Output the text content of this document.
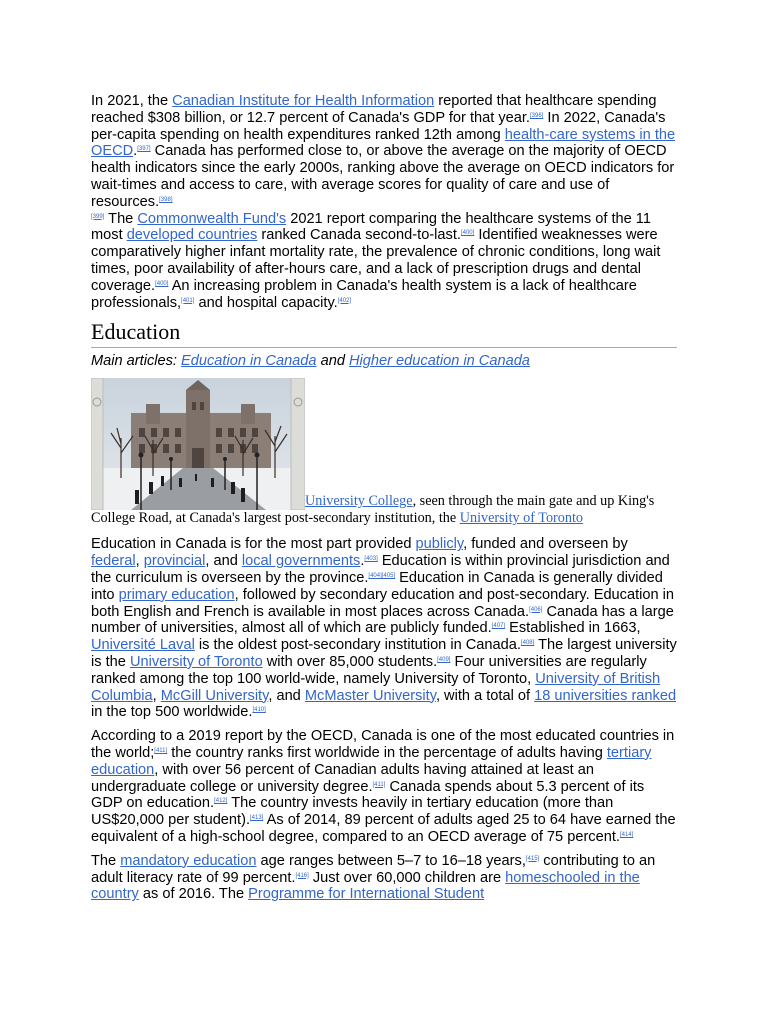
In 2021, the Canadian Institute for Health Information reported that healthcare spending reached $308 billion, or 12.7 percent of Canada's GDP for that year.[396] In 2022, Canada's per-capita spending on health expenditures ranked 12th among health-care systems in the OECD.[397] Canada has performed close to, or above the average on the majority of OECD health indicators since the early 2000s, ranking above the average on OECD indicators for wait-times and access to care, with average scores for quality of care and use of resources.[398]
[399] The Commonwealth Fund's 2021 report comparing the healthcare systems of the 11 most developed countries ranked Canada second-to-last.[400] Identified weaknesses were comparatively higher infant mortality rate, the prevalence of chronic conditions, long wait times, poor availability of after-hours care, and a lack of prescription drugs and dental coverage.[400] An increasing problem in Canada's health system is a lack of healthcare professionals,[401] and hospital capacity.[402]

Education
Main articles: Education in Canada and Higher education in Canada
University College, seen through the main gate and up King's College Road, at Canada's largest post-secondary institution, the University of Toronto

Education in Canada is for the most part provided publicly, funded and overseen by federal, provincial, and local governments.[403] Education is within provincial jurisdiction and the curriculum is overseen by the province.[404][405] Education in Canada is generally divided into primary education, followed by secondary education and post-secondary. Education in both English and French is available in most places across Canada.[406] Canada has a large number of universities, almost all of which are publicly funded.[407] Established in 1663, Université Laval is the oldest post-secondary institution in Canada.[408] The largest university is the University of Toronto with over 85,000 students.[409] Four universities are regularly ranked among the top 100 world-wide, namely University of Toronto, University of British Columbia, McGill University, and McMaster University, with a total of 18 universities ranked in the top 500 worldwide.[410]

According to a 2019 report by the OECD, Canada is one of the most educated countries in the world;[411] the country ranks first worldwide in the percentage of adults having tertiary education, with over 56 percent of Canadian adults having attained at least an undergraduate college or university degree.[411] Canada spends about 5.3 percent of its GDP on education.[412] The country invests heavily in tertiary education (more than US$20,000 per student).[413] As of 2014, 89 percent of adults aged 25 to 64 have earned the equivalent of a high-school degree, compared to an OECD average of 75 percent.[414]

The mandatory education age ranges between 5–7 to 16–18 years,[415] contributing to an adult literacy rate of 99 percent.[416] Just over 60,000 children are homeschooled in the country as of 2016. The Programme for International Student
